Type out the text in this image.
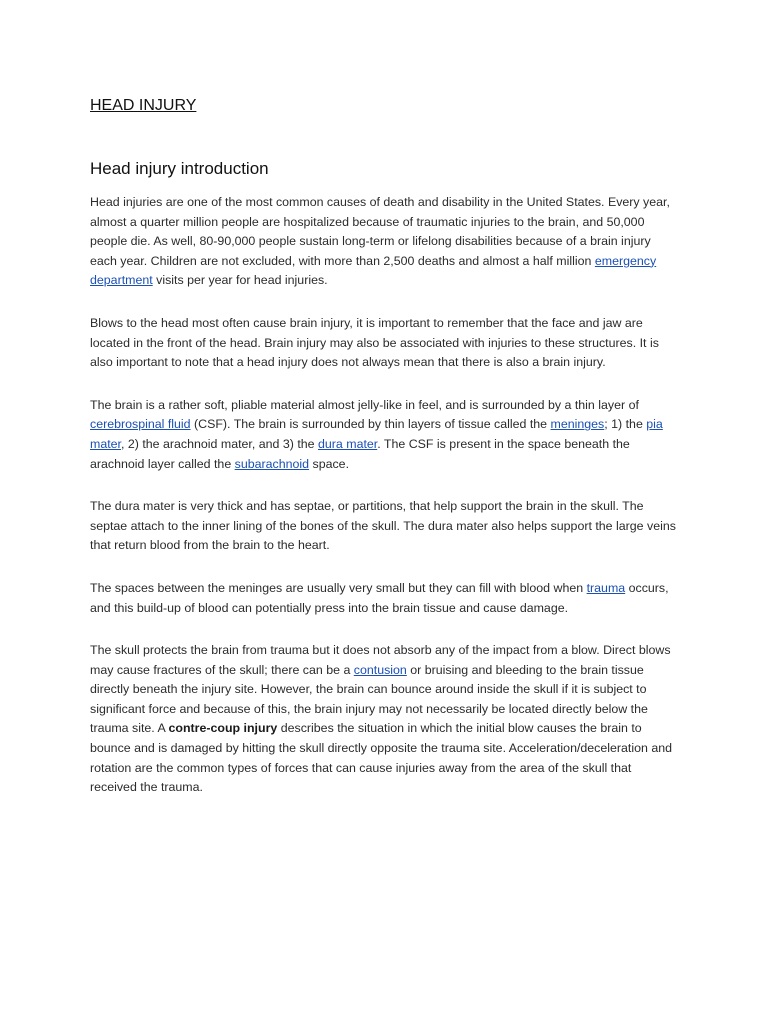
HEAD INJURY
Head injury introduction

Head injuries are one of the most common causes of death and disability in the United States. Every year, almost a quarter million people are hospitalized because of traumatic injuries to the brain, and 50,000 people die. As well, 80-90,000 people sustain long-term or lifelong disabilities because of a brain injury each year. Children are not excluded, with more than 2,500 deaths and almost a half million emergency department visits per year for head injuries.

Blows to the head most often cause brain injury, it is important to remember that the face and jaw are located in the front of the head. Brain injury may also be associated with injuries to these structures. It is also important to note that a head injury does not always mean that there is also a brain injury.

The brain is a rather soft, pliable material almost jelly-like in feel, and is surrounded by a thin layer of cerebrospinal fluid (CSF). The brain is surrounded by thin layers of tissue called the meninges; 1) the pia mater, 2) the arachnoid mater, and 3) the dura mater. The CSF is present in the space beneath the arachnoid layer called the subarachnoid space.

The dura mater is very thick and has septae, or partitions, that help support the brain in the skull. The septae attach to the inner lining of the bones of the skull. The dura mater also helps support the large veins that return blood from the brain to the heart.

The spaces between the meninges are usually very small but they can fill with blood when trauma occurs, and this build-up of blood can potentially press into the brain tissue and cause damage.

The skull protects the brain from trauma but it does not absorb any of the impact from a blow. Direct blows may cause fractures of the skull; there can be a contusion or bruising and bleeding to the brain tissue directly beneath the injury site. However, the brain can bounce around inside the skull if it is subject to significant force and because of this, the brain injury may not necessarily be located directly below the trauma site. A contre-coup injury describes the situation in which the initial blow causes the brain to bounce and is damaged by hitting the skull directly opposite the trauma site. Acceleration/deceleration and rotation are the common types of forces that can cause injuries away from the area of the skull that received the trauma.
